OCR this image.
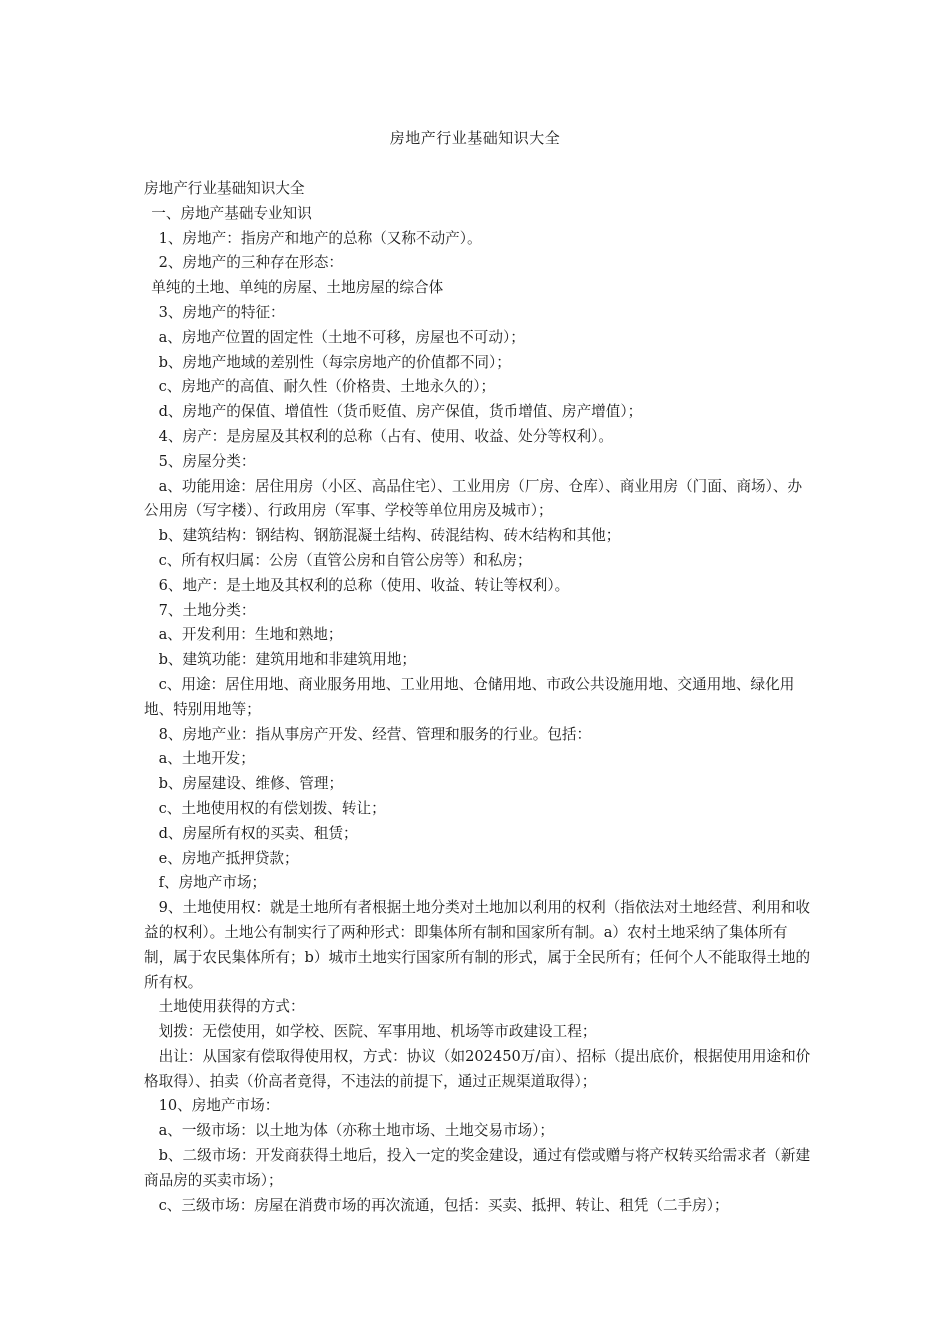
房地产行业基础知识大全

房地产行业基础知识大全

一、房地产基础专业知识

1、房地产：指房产和地产的总称（又称不动产）。

2、房地产的三种存在形态：

单纯的土地、单纯的房屋、土地房屋的综合体

3、房地产的特征：

a、房地产位置的固定性（土地不可移，房屋也不可动）；

b、房地产地域的差别性（每宗房地产的价值都不同）；

c、房地产的高值、耐久性（价格贵、土地永久的）；

d、房地产的保值、增值性（货币贬值、房产保值，货币增值、房产增值）；

4、房产：是房屋及其权利的总称（占有、使用、收益、处分等权利）。

5、房屋分类：

a、功能用途：居住用房（小区、高品住宅）、工业用房（厂房、仓库）、商业用房（门面、商场）、办公用房（写字楼）、行政用房（军事、学校等单位用房及城市）；

b、建筑结构：钢结构、钢筋混凝土结构、砖混结构、砖木结构和其他；

c、所有权归属：公房（直管公房和自管公房等）和私房；

6、地产：是土地及其权利的总称（使用、收益、转让等权利）。

7、土地分类：

a、开发利用：生地和熟地；

b、建筑功能：建筑用地和非建筑用地；

c、用途：居住用地、商业服务用地、工业用地、仓储用地、市政公共设施用地、交通用地、绿化用地、特别用地等；

8、房地产业：指从事房产开发、经营、管理和服务的行业。包括：

a、土地开发；

b、房屋建设、维修、管理；

c、土地使用权的有偿划拨、转让；

d、房屋所有权的买卖、租赁；

e、房地产抵押贷款；

f、房地产市场；

9、土地使用权：就是土地所有者根据土地分类对土地加以利用的权利（指依法对土地经营、利用和收益的权利）。土地公有制实行了两种形式：即集体所有制和国家所有制。a）农村土地采纳了集体所有制，属于农民集体所有；b）城市土地实行国家所有制的形式，属于全民所有；任何个人不能取得土地的所有权。

土地使用获得的方式：

划拨：无偿使用，如学校、医院、军事用地、机场等市政建设工程；

出让：从国家有偿取得使用权，方式：协议（如202450万/亩）、招标（提出底价，根据使用用途和价格取得）、拍卖（价高者竟得，不违法的前提下，通过正规渠道取得）；

10、房地产市场：

a、一级市场：以土地为体（亦称土地市场、土地交易市场）；

b、二级市场：开发商获得土地后，投入一定的奖金建设，通过有偿或赠与将产权转买给需求者（新建商品房的买卖市场）；

c、三级市场：房屋在消费市场的再次流通，包括：买卖、抵押、转让、租凭（二手房）；
